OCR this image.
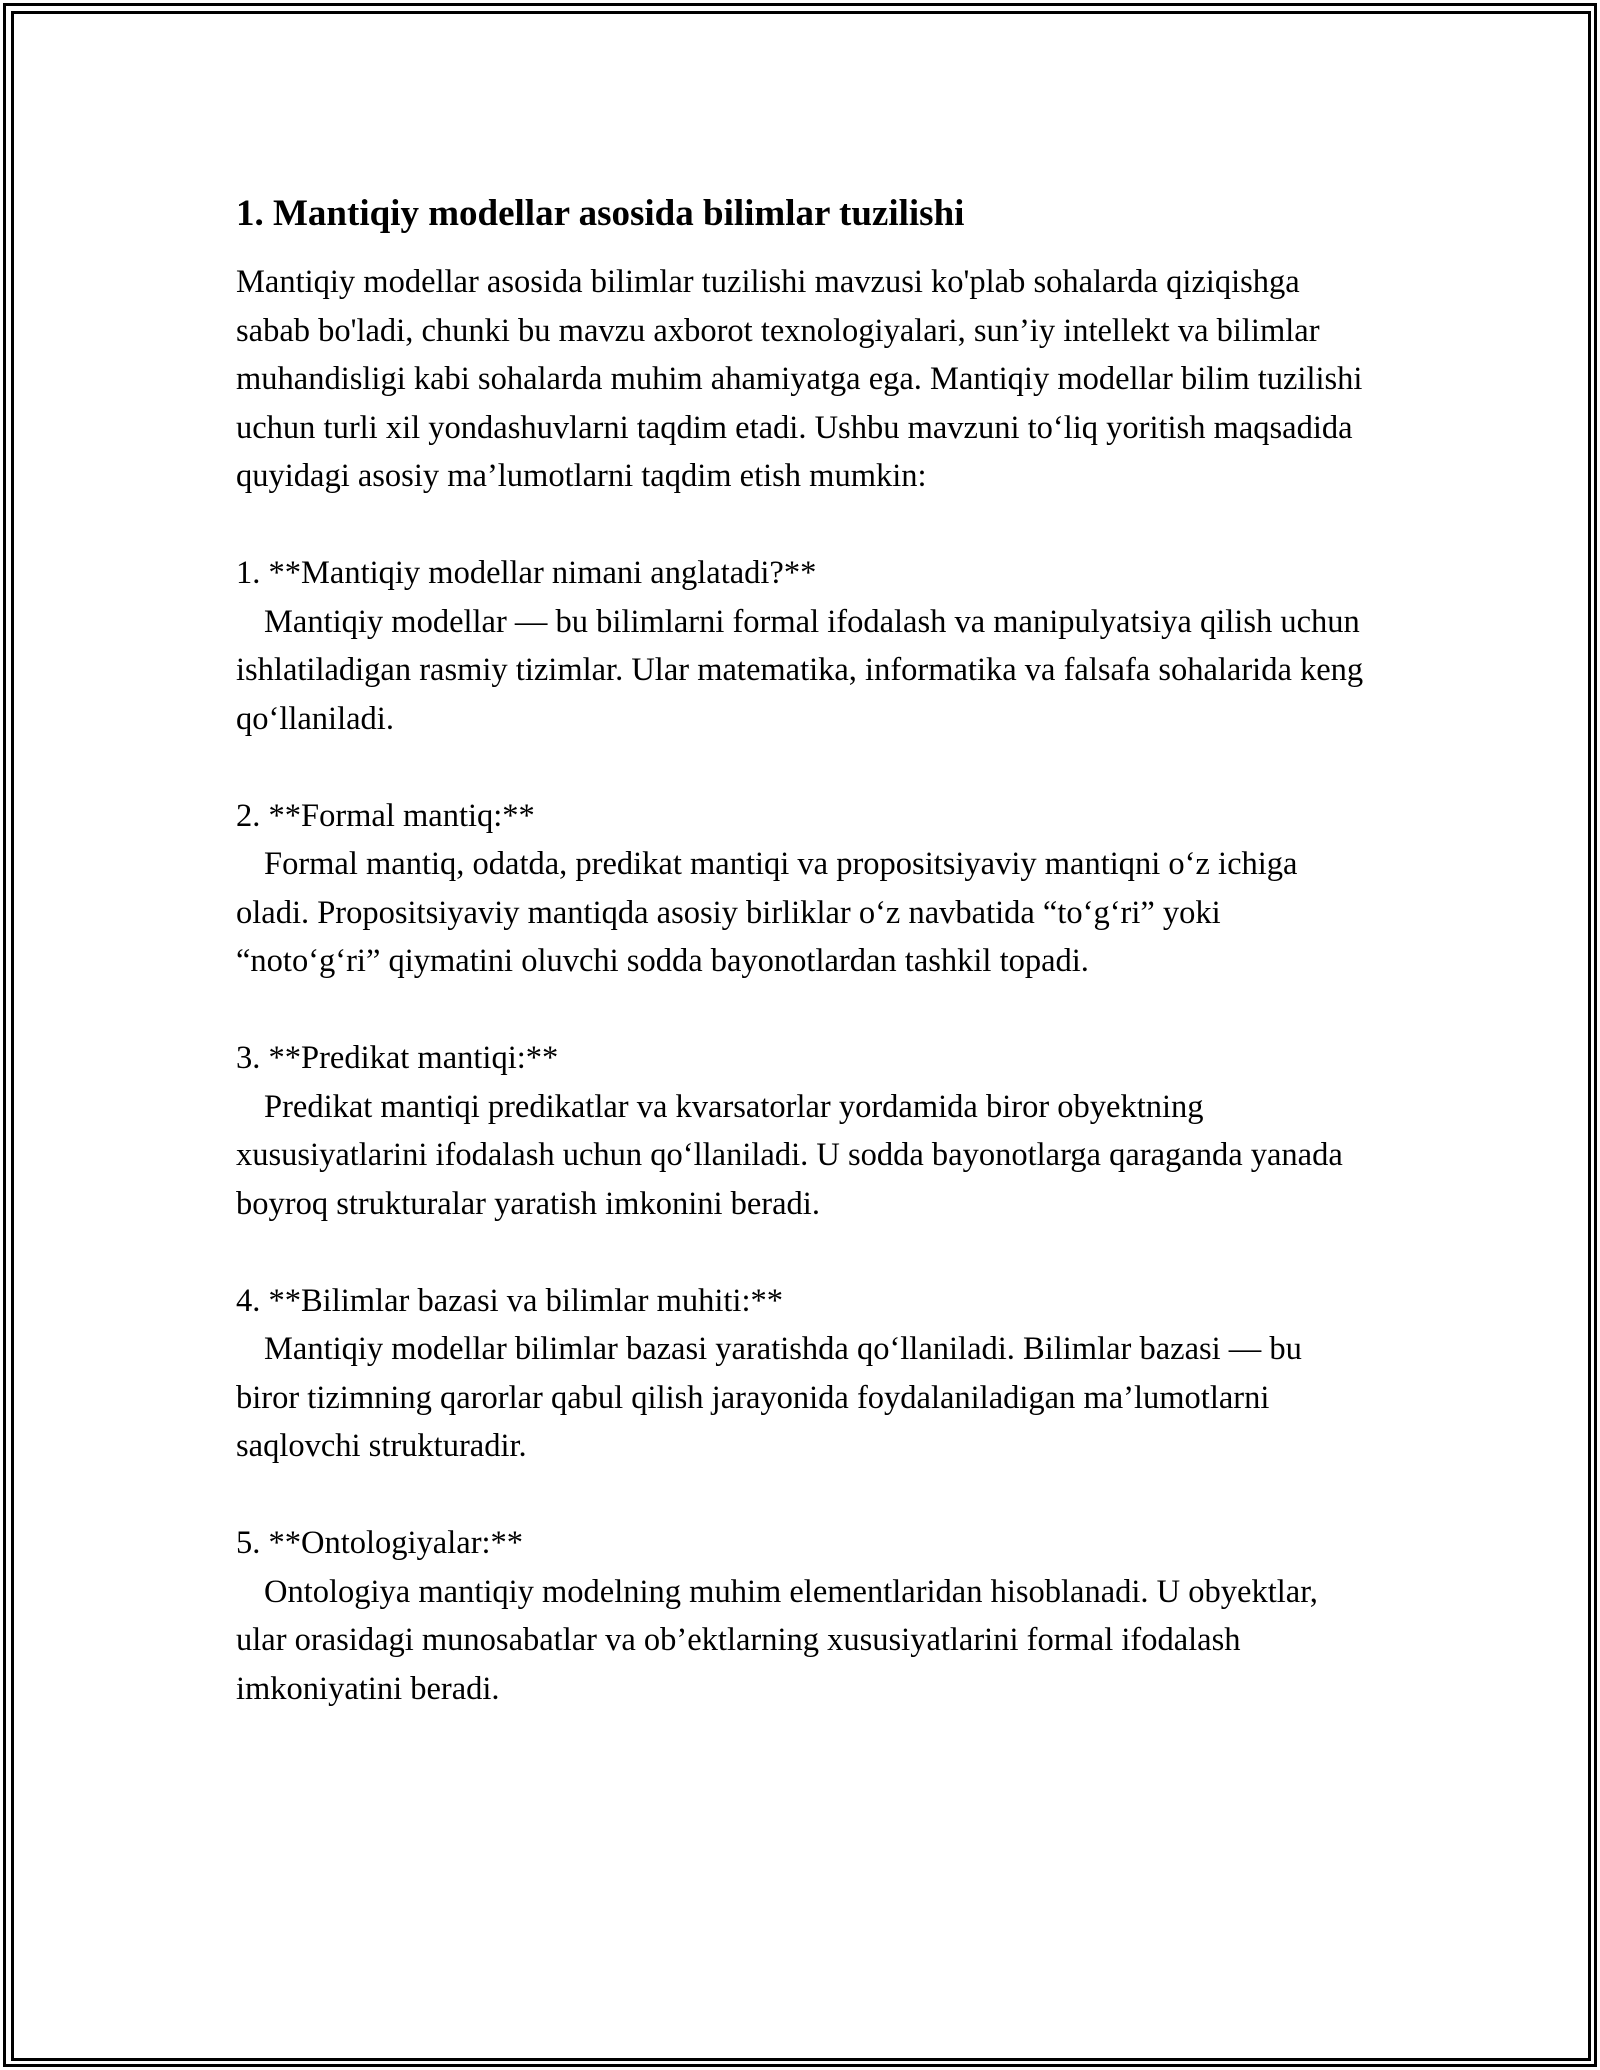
1. Mantiqiy modellar asosida bilimlar tuzilishi

Mantiqiy modellar asosida bilimlar tuzilishi mavzusi ko'plab sohalarda qiziqishga sabab bo'ladi, chunki bu mavzu axborot texnologiyalari, sun’iy intellekt va bilimlar muhandisligi kabi sohalarda muhim ahamiyatga ega. Mantiqiy modellar bilim tuzilishi uchun turli xil yondashuvlarni taqdim etadi. Ushbu mavzuni to‘liq yoritish maqsadida quyidagi asosiy ma’lumotlarni taqdim etish mumkin:

1. **Mantiqiy modellar nimani anglatadi?**

Mantiqiy modellar — bu bilimlarni formal ifodalash va manipulyatsiya qilish uchun ishlatiladigan rasmiy tizimlar. Ular matematika, informatika va falsafa sohalarida keng qo‘llaniladi.

2. **Formal mantiq:**

Formal mantiq, odatda, predikat mantiqi va propositsiyaviy mantiqni o‘z ichiga oladi. Propositsiyaviy mantiqda asosiy birliklar o‘z navbatida “to‘g‘ri” yoki “noto‘g‘ri” qiymatini oluvchi sodda bayonotlardan tashkil topadi.

3. **Predikat mantiqi:**

Predikat mantiqi predikatlar va kvarsatorlar yordamida biror obyektning xususiyatlarini ifodalash uchun qo‘llaniladi. U sodda bayonotlarga qaraganda yanada boyroq strukturalar yaratish imkonini beradi.

4. **Bilimlar bazasi va bilimlar muhiti:**

Mantiqiy modellar bilimlar bazasi yaratishda qo‘llaniladi. Bilimlar bazasi — bu biror tizimning qarorlar qabul qilish jarayonida foydalaniladigan ma’lumotlarni saqlovchi strukturadir.

5. **Ontologiyalar:**

Ontologiya mantiqiy modelning muhim elementlaridan hisoblanadi. U obyektlar, ular orasidagi munosabatlar va ob’ektlarning xususiyatlarini formal ifodalash imkoniyatini beradi.
